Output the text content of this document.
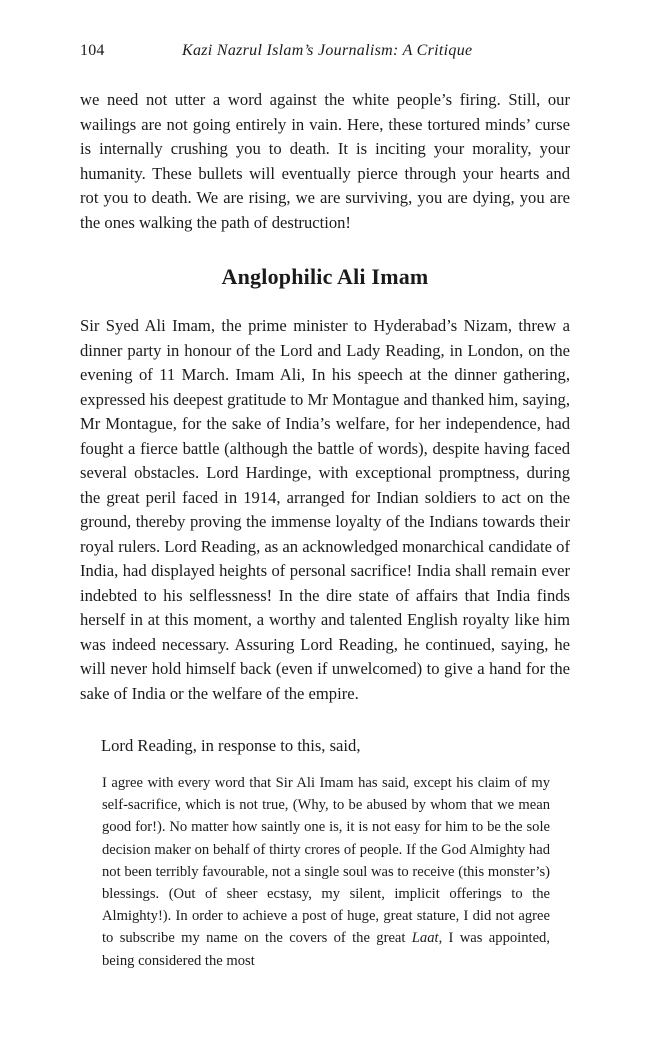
104	Kazi Nazrul Islam’s Journalism: A Critique

we need not utter a word against the white people’s firing. Still, our wailings are not going entirely in vain. Here, these tortured minds’ curse is internally crushing you to death. It is inciting your morality, your humanity. These bullets will eventually pierce through your hearts and rot you to death. We are rising, we are surviving, you are dying, you are the ones walking the path of destruction!

Anglophilic Ali Imam

Sir Syed Ali Imam, the prime minister to Hyderabad’s Nizam, threw a dinner party in honour of the Lord and Lady Reading, in London, on the evening of 11 March. Imam Ali, In his speech at the dinner gathering, expressed his deepest gratitude to Mr Montague and thanked him, saying, Mr Montague, for the sake of India’s welfare, for her independence, had fought a fierce battle (although the battle of words), despite having faced several obstacles. Lord Hardinge, with exceptional promptness, during the great peril faced in 1914, arranged for Indian soldiers to act on the ground, thereby proving the immense loyalty of the Indians towards their royal rulers. Lord Reading, as an acknowledged monarchical candidate of India, had displayed heights of personal sacrifice! India shall remain ever indebted to his selflessness! In the dire state of affairs that India finds herself in at this moment, a worthy and talented English royalty like him was indeed necessary. Assuring Lord Reading, he continued, saying, he will never hold himself back (even if unwelcomed) to give a hand for the sake of India or the welfare of the empire.

Lord Reading, in response to this, said,

I agree with every word that Sir Ali Imam has said, except his claim of my self-sacrifice, which is not true, (Why, to be abused by whom that we mean good for!). No matter how saintly one is, it is not easy for him to be the sole decision maker on behalf of thirty crores of people. If the God Almighty had not been terribly favourable, not a single soul was to receive (this monster’s) blessings. (Out of sheer ecstasy, my silent, implicit offerings to the Almighty!). In order to achieve a post of huge, great stature, I did not agree to subscribe my name on the covers of the great Laat, I was appointed, being considered the most
